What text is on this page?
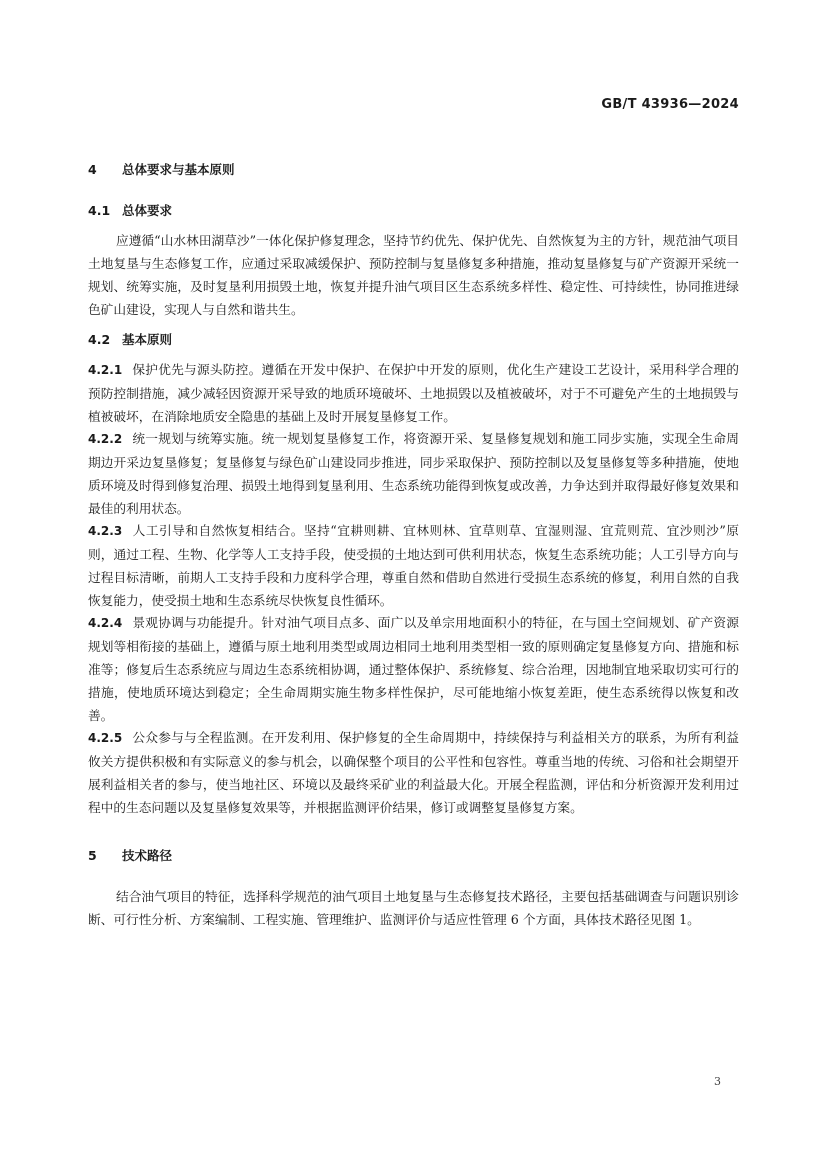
GB/T 43936—2024
4 总体要求与基本原则
4.1 总体要求

应遵循“山水林田湖草沙”一体化保护修复理念，坚持节约优先、保护优先、自然恢复为主的方针，规范油气项目土地复垦与生态修复工作，应通过采取减缓保护、预防控制与复垦修复多种措施，推动复垦修复与矿产资源开采统一规划、统筹实施，及时复垦利用损毁土地，恢复并提升油气项目区生态系统多样性、稳定性、可持续性，协同推进绿色矿山建设，实现人与自然和谐共生。

4.2 基本原则

4.2.1 保护优先与源头防控。遵循在开发中保护、在保护中开发的原则，优化生产建设工艺设计，采用科学合理的预防控制措施，减少减轻因资源开采导致的地质环境破坏、土地损毁以及植被破坏，对于不可避免产生的土地损毁与植被破坏，在消除地质安全隐患的基础上及时开展复垦修复工作。

4.2.2 统一规划与统筹实施。统一规划复垦修复工作，将资源开采、复垦修复规划和施工同步实施，实现全生命周期边开采边复垦修复；复垦修复与绿色矿山建设同步推进，同步采取保护、预防控制以及复垦修复等多种措施，使地质环境及时得到修复治理、损毁土地得到复垦利用、生态系统功能得到恢复或改善，力争达到并取得最好修复效果和最佳的利用状态。

4.2.3 人工引导和自然恢复相结合。坚持“宜耕则耕、宜林则林、宜草则草、宜湿则湿、宜荒则荒、宜沙则沙”原则，通过工程、生物、化学等人工支持手段，使受损的土地达到可供利用状态，恢复生态系统功能；人工引导方向与过程目标清晰，前期人工支持手段和力度科学合理，尊重自然和借助自然进行受损生态系统的修复，利用自然的自我恢复能力，使受损土地和生态系统尽快恢复良性循环。

4.2.4 景观协调与功能提升。针对油气项目点多、面广以及单宗用地面积小的特征，在与国土空间规划、矿产资源规划等相衔接的基础上，遵循与原土地利用类型或周边相同土地利用类型相一致的原则确定复垦修复方向、措施和标准等；修复后生态系统应与周边生态系统相协调，通过整体保护、系统修复、综合治理，因地制宜地采取切实可行的措施，使地质环境达到稳定；全生命周期实施生物多样性保护，尽可能地缩小恢复差距，使生态系统得以恢复和改善。

4.2.5 公众参与与全程监测。在开发利用、保护修复的全生命周期中，持续保持与利益相关方的联系，为所有利益攸关方提供积极和有实际意义的参与机会，以确保整个项目的公平性和包容性。尊重当地的传统、习俗和社会期望开展利益相关者的参与，使当地社区、环境以及最终采矿业的利益最大化。开展全程监测，评估和分析资源开发利用过程中的生态问题以及复垦修复效果等，并根据监测评价结果，修订或调整复垦修复方案。

5 技术路径

结合油气项目的特征，选择科学规范的油气项目土地复垦与生态修复技术路径，主要包括基础调查与问题识别诊断、可行性分析、方案编制、工程实施、管理维护、监测评价与适应性管理 6 个方面，具体技术路径见图 1。

3
